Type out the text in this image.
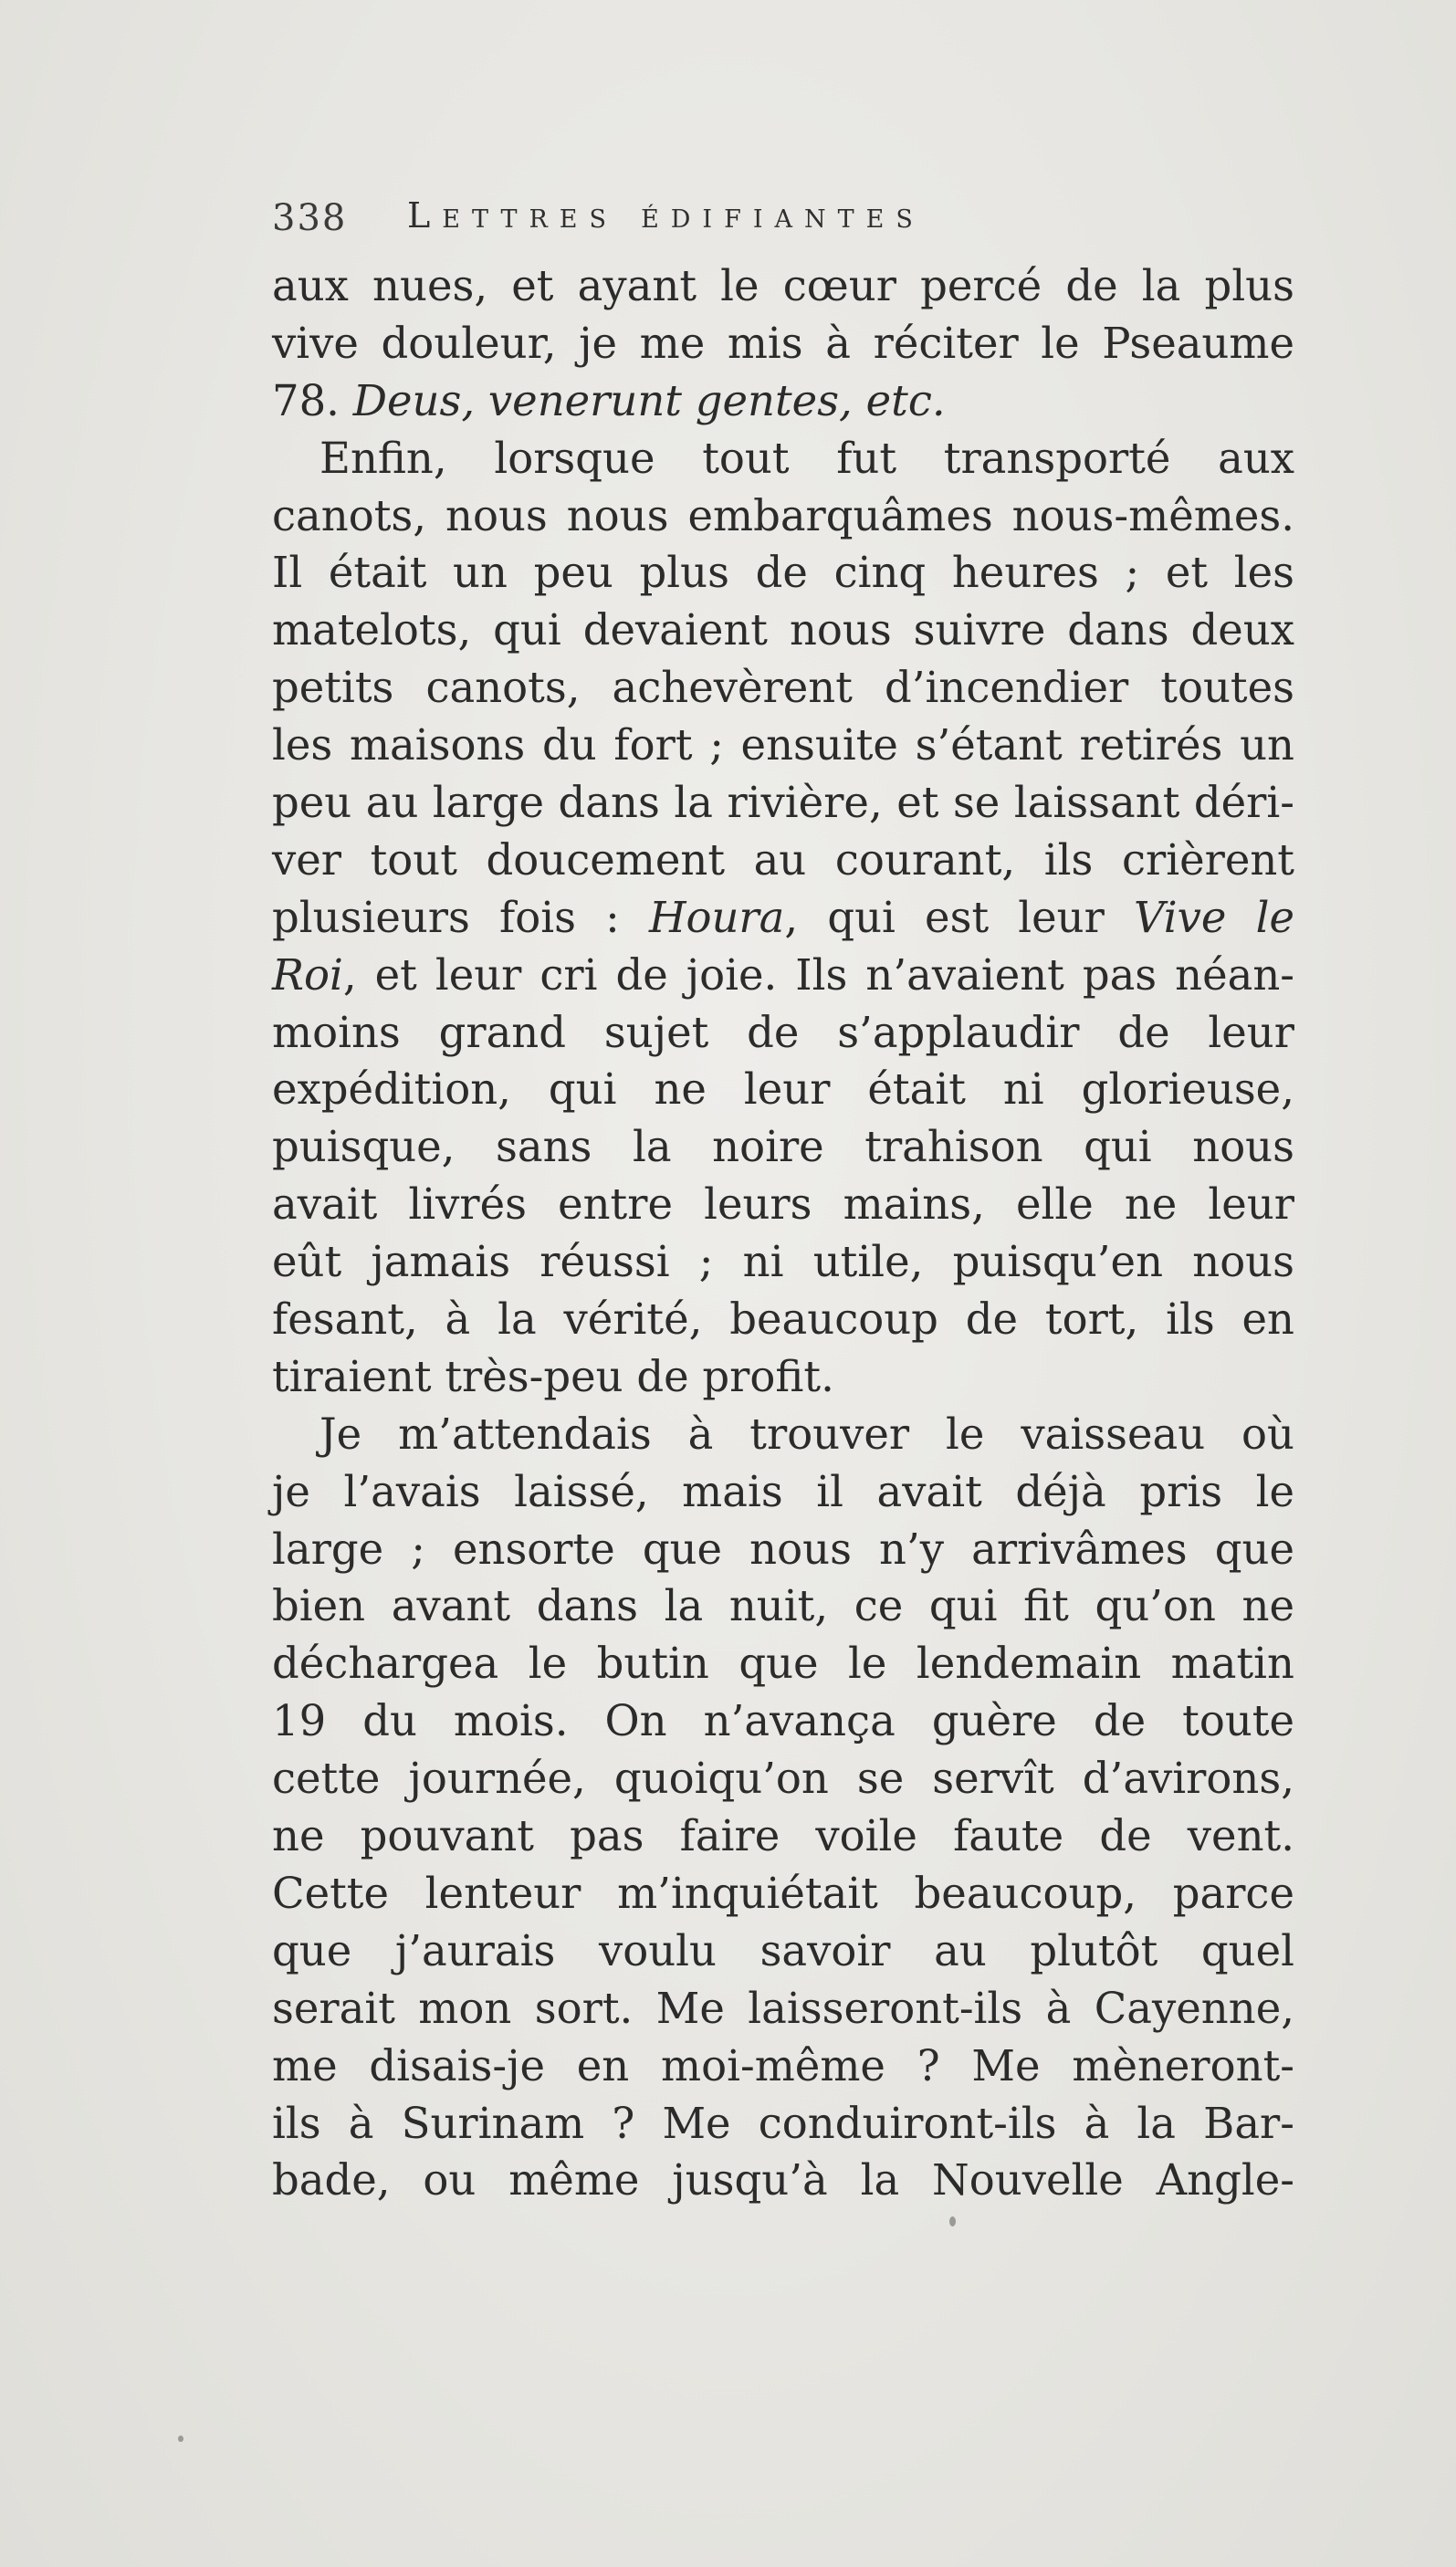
338 Lettres édifiantes
aux nues, et ayant le cœur percé de la plus
vive douleur, je me mis à réciter le Pseaume
78. Deus, venerunt gentes, etc.
Enfin, lorsque tout fut transporté aux
canots, nous nous embarquâmes nous-mêmes.
Il était un peu plus de cinq heures ; et les
matelots, qui devaient nous suivre dans deux
petits canots, achevèrent d’incendier toutes
les maisons du fort ; ensuite s’étant retirés un
peu au large dans la rivière, et se laissant déri-
ver tout doucement au courant, ils crièrent
plusieurs fois : Houra, qui est leur Vive le
Roi, et leur cri de joie. Ils n’avaient pas néan-
moins grand sujet de s’applaudir de leur
expédition, qui ne leur était ni glorieuse,
puisque, sans la noire trahison qui nous
avait livrés entre leurs mains, elle ne leur
eût jamais réussi ; ni utile, puisqu’en nous
fesant, à la vérité, beaucoup de tort, ils en
tiraient très-peu de profit.
Je m’attendais à trouver le vaisseau où
je l’avais laissé, mais il avait déjà pris le
large ; ensorte que nous n’y arrivâmes que
bien avant dans la nuit, ce qui fit qu’on ne
déchargea le butin que le lendemain matin
19 du mois. On n’avança guère de toute
cette journée, quoiqu’on se servît d’avirons,
ne pouvant pas faire voile faute de vent.
Cette lenteur m’inquiétait beaucoup, parce
que j’aurais voulu savoir au plutôt quel
serait mon sort. Me laisseront-ils à Cayenne,
me disais-je en moi-même ? Me mèneront-
ils à Surinam ? Me conduiront-ils à la Bar-
bade, ou même jusqu’à la Nouvelle Angle-
